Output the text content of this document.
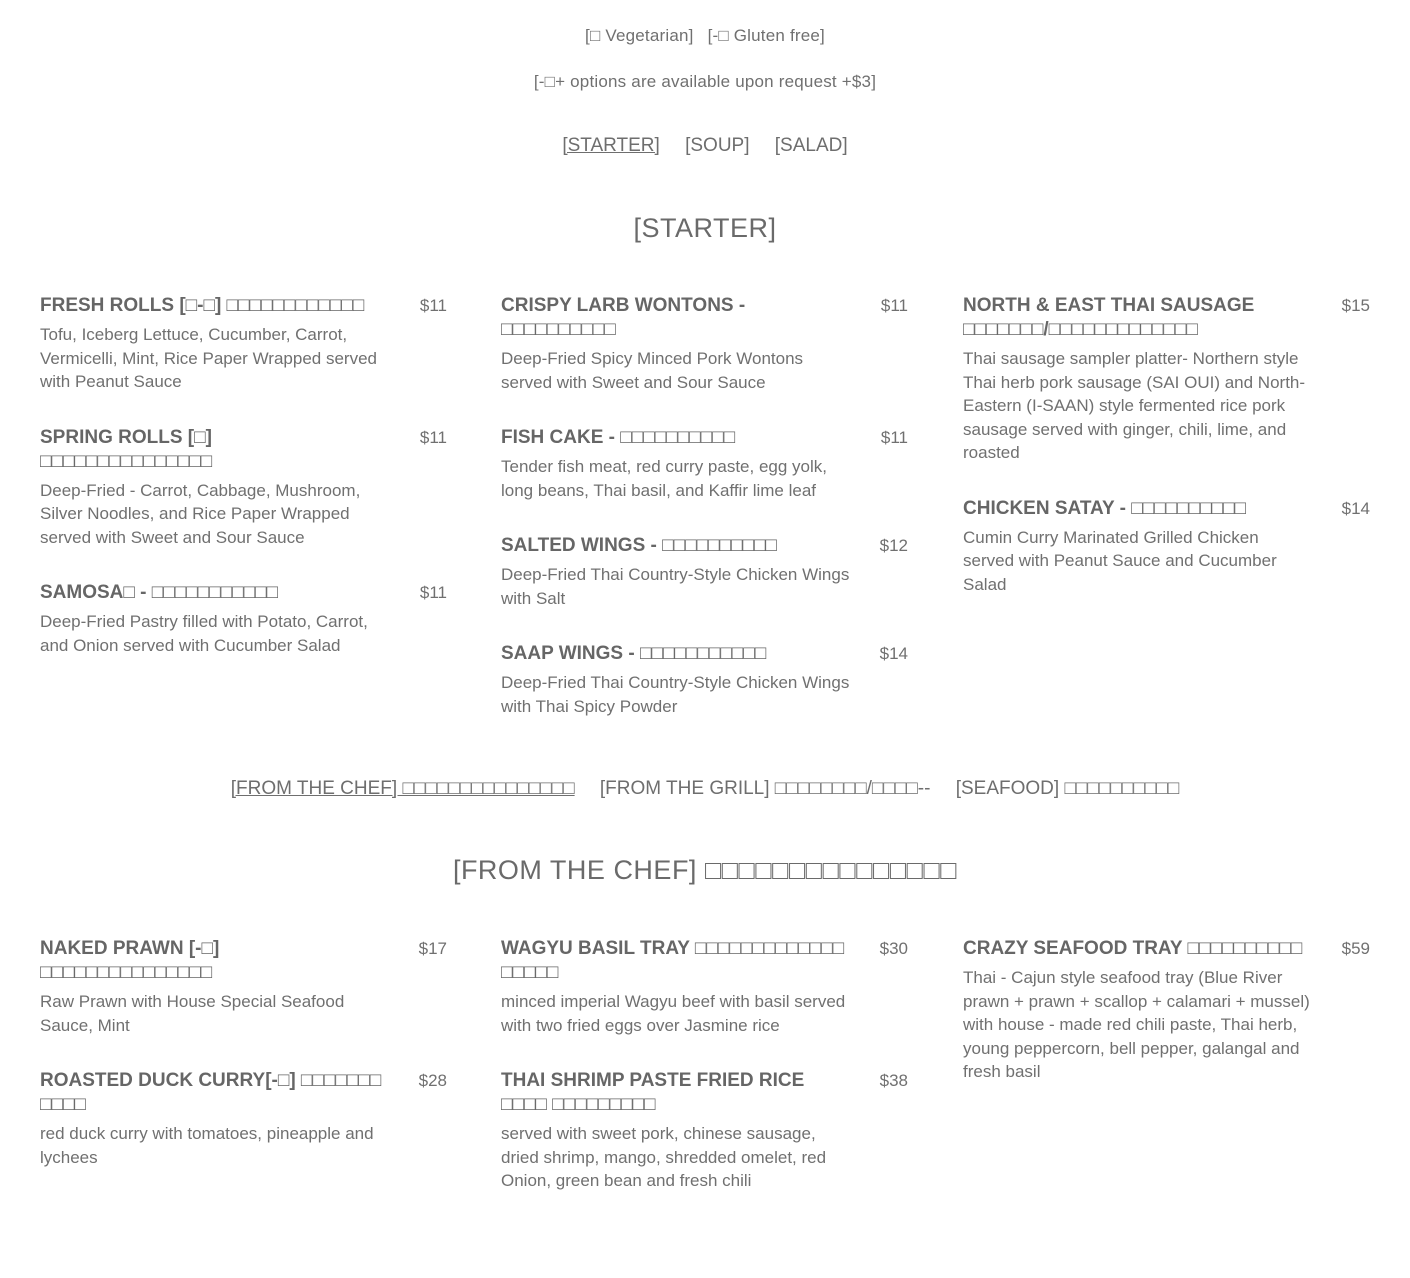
[□ Vegetarian] [-□ Gluten free]
[-□+ options are available upon request +$3]
[STARTER] [SOUP] [SALAD]
[STARTER]
FRESH ROLLS [□-□] □□□□□□□□□□□□	$11
Tofu, Iceberg Lettuce, Cucumber, Carrot, Vermicelli, Mint, Rice Paper Wrapped served with Peanut Sauce
SPRING ROLLS [□] □□□□□□□□□□□□□□□
$11
Deep-Fried - Carrot, Cabbage, Mushroom, Silver Noodles, and Rice Paper Wrapped served with Sweet and Sour Sauce
SAMOSA□ - □□□□□□□□□□□	$11
Deep-Fried Pastry filled with Potato, Carrot, and Onion served with Cucumber Salad
CRISPY LARB WONTONS - □□□□□□□□□□
$11
Deep-Fried Spicy Minced Pork Wontons served with Sweet and Sour Sauce
FISH CAKE - □□□□□□□□□□	$11
Tender fish meat, red curry paste, egg yolk, long beans, Thai basil, and Kaffir lime leaf
SALTED WINGS - □□□□□□□□□□	$12
Deep-Fried Thai Country-Style Chicken Wings with Salt
SAAP WINGS - □□□□□□□□□□□	$14
Deep-Fried Thai Country-Style Chicken Wings with Thai Spicy Powder
NORTH & EAST THAI SAUSAGE □□□□□□□/□□□□□□□□□□□□□
$15
Thai sausage sampler platter- Northern style Thai herb pork sausage (SAI OUI) and North-Eastern (I-SAAN) style fermented rice pork sausage served with ginger, chili, lime, and roasted
CHICKEN SATAY - □□□□□□□□□□	$14
Cumin Curry Marinated Grilled Chicken served with Peanut Sauce and Cucumber Salad
[FROM THE CHEF] □□□□□□□□□□□□□□□ [FROM THE GRILL] □□□□□□□□/□□□□-- [SEAFOOD] □□□□□□□□□□
[FROM THE CHEF] □□□□□□□□□□□□□□□
NAKED PRAWN [-□] □□□□□□□□□□□□□□□
$17
Raw Prawn with House Special Seafood Sauce, Mint
ROASTED DUCK CURRY[-□] □□□□□□□ □□□□
$28
red duck curry with tomatoes, pineapple and lychees
WAGYU BASIL TRAY □□□□□□□□□□□□□ □□□□□
$30
minced imperial Wagyu beef with basil served with two fried eggs over Jasmine rice
THAI SHRIMP PASTE FRIED RICE □□□□ □□□□□□□□□
$38
served with sweet pork, chinese sausage, dried shrimp, mango, shredded omelet, red Onion, green bean and fresh chili
CRAZY SEAFOOD TRAY □□□□□□□□□□	$59
Thai - Cajun style seafood tray (Blue River prawn + prawn + scallop + calamari + mussel) with house - made red chili paste, Thai herb, young peppercorn, bell pepper, galangal and fresh basil
